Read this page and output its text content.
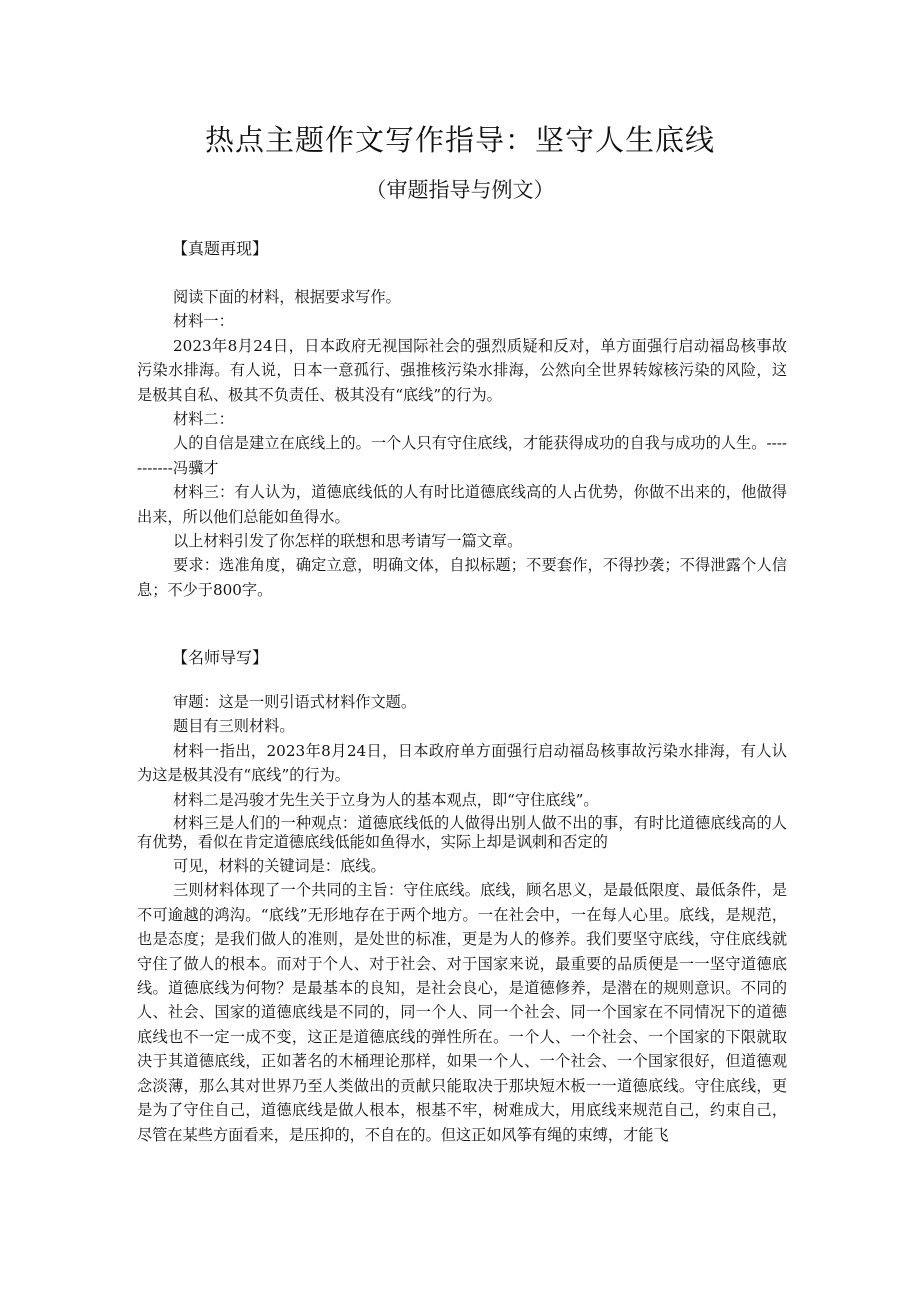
热点主题作文写作指导：坚守人生底线
（审题指导与例文）
【真题再现】

阅读下面的材料，根据要求写作。

材料一：

2023年8月24日，日本政府无视国际社会的强烈质疑和反对，单方面强行启动福岛核事故污染水排海。有人说，日本一意孤行、强推核污染水排海，公然向全世界转嫁核污染的风险，这是极其自私、极其不负责任、极其没有“底线”的行为。

材料二：

人的自信是建立在底线上的。一个人只有守住底线，才能获得成功的自我与成功的人生。-----------冯骥才

材料三：有人认为，道德底线低的人有时比道德底线高的人占优势，你做不出来的，他做得出来，所以他们总能如鱼得水。

以上材料引发了你怎样的联想和思考请写一篇文章。

要求：选准角度，确定立意，明确文体，自拟标题；不要套作，不得抄袭；不得泄露个人信息；不少于800字。

【名师导写】

审题：这是一则引语式材料作文题。

题目有三则材料。

材料一指出，2023年8月24日，日本政府单方面强行启动福岛核事故污染水排海，有人认为这是极其没有“底线”的行为。

材料二是冯骏才先生关于立身为人的基本观点，即“守住底线”。

材料三是人们的一种观点：道德底线低的人做得出别人做不出的事，有时比道德底线高的人有优势，看似在肯定道德底线低能如鱼得水，实际上却是讽刺和否定的

可见，材料的关键词是：底线。

三则材料体现了一个共同的主旨：守住底线。底线，顾名思义，是最低限度、最低条件，是不可逾越的鸿沟。“底线”无形地存在于两个地方。一在社会中，一在每人心里。底线，是规范，也是态度；是我们做人的准则，是处世的标准，更是为人的修养。我们要坚守底线，守住底线就守住了做人的根本。而对于个人、对于社会、对于国家来说，最重要的品质便是一一坚守道德底线。道德底线为何物？是最基本的良知，是社会良心，是道德修养，是潜在的规则意识。不同的人、社会、国家的道德底线是不同的，同一个人、同一个社会、同一个国家在不同情况下的道德底线也不一定一成不变，这正是道德底线的弹性所在。一个人、一个社会、一个国家的下限就取决于其道德底线，正如著名的木桶理论那样，如果一个人、一个社会、一个国家很好，但道德观念淡薄，那么其对世界乃至人类做出的贡献只能取决于那块短木板一一道德底线。守住底线，更是为了守住自己，道德底线是做人根本，根基不牢，树难成大，用底线来规范自己，约束自己，尽管在某些方面看来，是压抑的，不自在的。但这正如风筝有绳的束缚，才能飞
